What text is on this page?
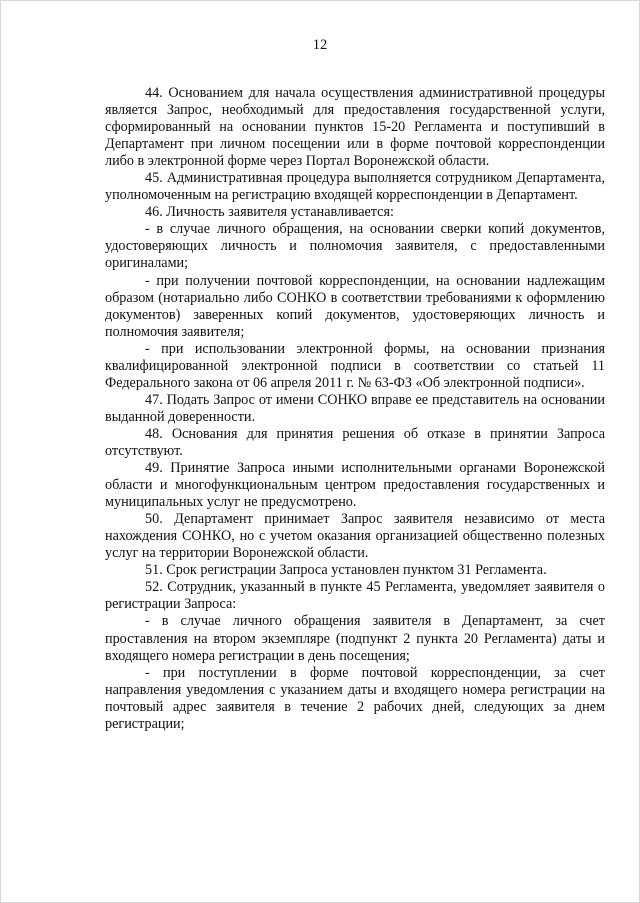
12

44. Основанием для начала осуществления административной процедуры является Запрос, необходимый для предоставления государственной услуги, сформированный на основании пунктов 15-20 Регламента и поступивший в Департамент при личном посещении или в форме почтовой корреспонденции либо в электронной форме через Портал Воронежской области.

45. Административная процедура выполняется сотрудником Департамента, уполномоченным на регистрацию входящей корреспонденции в Департамент.

46. Личность заявителя устанавливается:

- в случае личного обращения, на основании сверки копий документов, удостоверяющих личность и полномочия заявителя, с предоставленными оригиналами;

- при получении почтовой корреспонденции, на основании надлежащим образом (нотариально либо СОНКО в соответствии требованиями к оформлению документов) заверенных копий документов, удостоверяющих личность и полномочия заявителя;

- при использовании электронной формы, на основании признания квалифицированной электронной подписи в соответствии со статьей 11 Федерального закона от 06 апреля 2011 г. № 63-ФЗ «Об электронной подписи».

47. Подать Запрос от имени СОНКО вправе ее представитель на основании выданной доверенности.

48. Основания для принятия решения об отказе в принятии Запроса отсутствуют.

49. Принятие Запроса иными исполнительными органами Воронежской области и многофункциональным центром предоставления государственных и муниципальных услуг не предусмотрено.

50. Департамент принимает Запрос заявителя независимо от места нахождения СОНКО, но с учетом оказания организацией общественно полезных услуг на территории Воронежской области.

51. Срок регистрации Запроса установлен пунктом 31 Регламента.

52. Сотрудник, указанный в пункте 45 Регламента, уведомляет заявителя о регистрации Запроса:

- в случае личного обращения заявителя в Департамент, за счет проставления на втором экземпляре (подпункт 2 пункта 20 Регламента) даты и входящего номера регистрации в день посещения;

- при поступлении в форме почтовой корреспонденции, за счет направления уведомления с указанием даты и входящего номера регистрации на почтовый адрес заявителя в течение 2 рабочих дней, следующих за днем регистрации;
